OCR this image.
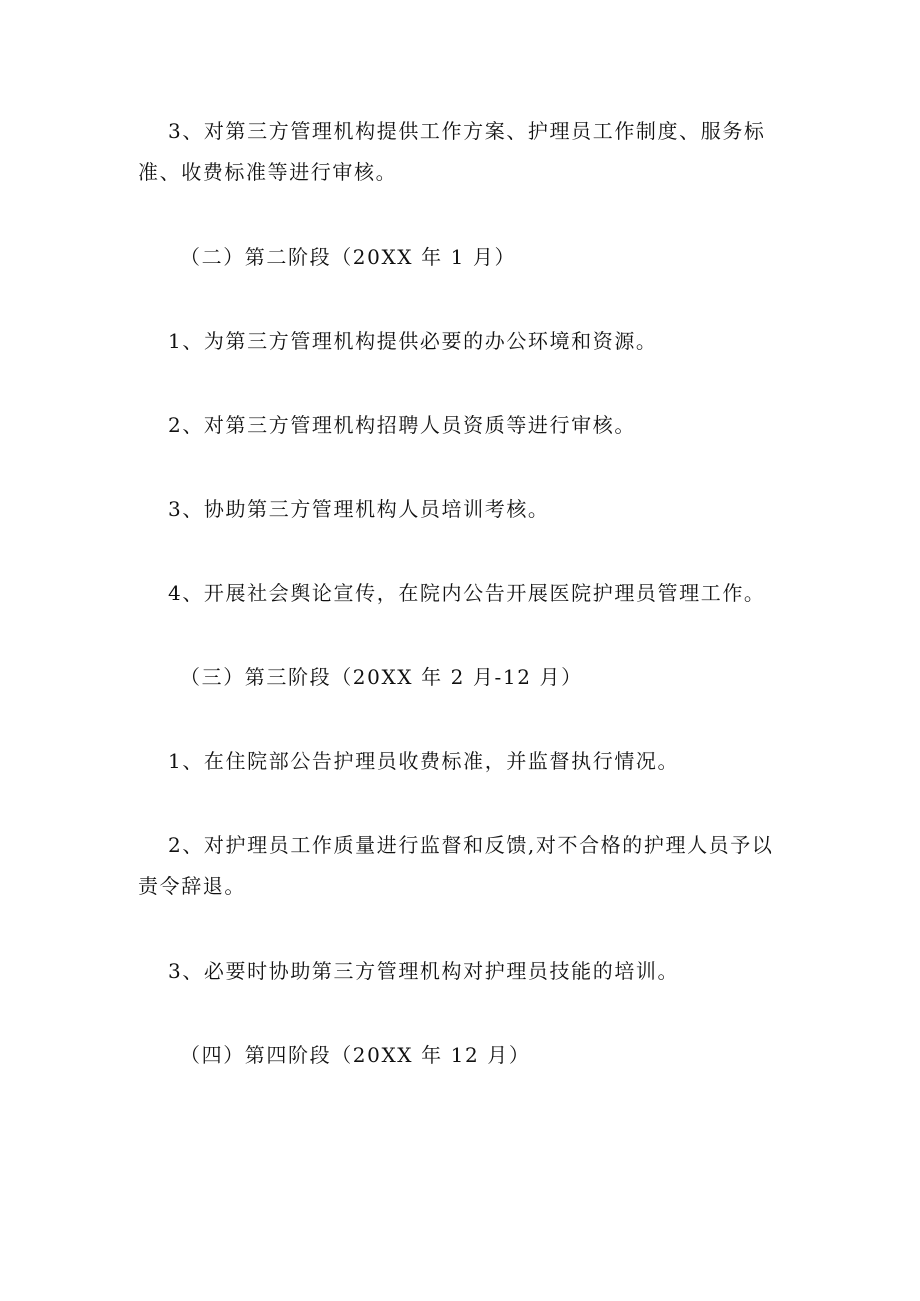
3、对第三方管理机构提供工作方案、护理员工作制度、服务标

准、收费标准等进行审核。

（二）第二阶段（20XX 年 1 月）

1、为第三方管理机构提供必要的办公环境和资源。

2、对第三方管理机构招聘人员资质等进行审核。

3、协助第三方管理机构人员培训考核。

4、开展社会舆论宣传，在院内公告开展医院护理员管理工作。

（三）第三阶段（20XX 年 2 月-12 月）

1、在住院部公告护理员收费标准，并监督执行情况。

2、对护理员工作质量进行监督和反馈,对不合格的护理人员予以

责令辞退。

3、必要时协助第三方管理机构对护理员技能的培训。

（四）第四阶段（20XX 年 12 月）
